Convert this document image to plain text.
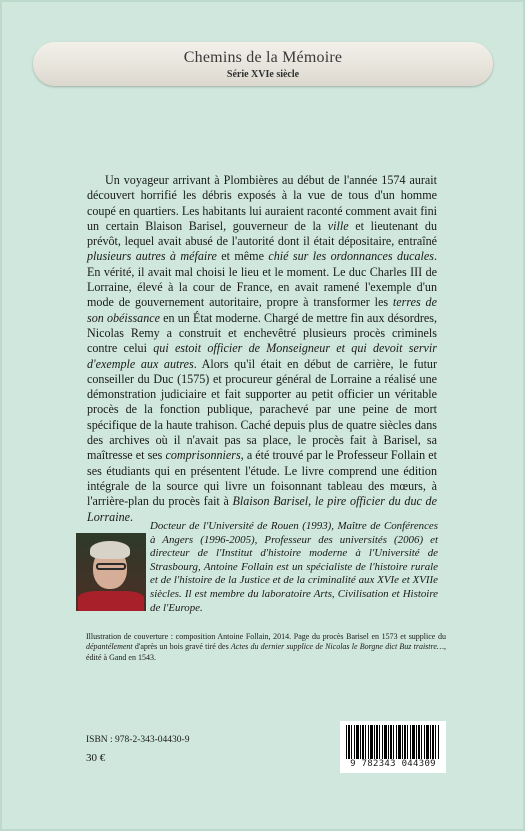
Chemins de la Mémoire
Série XVIe siècle

Un voyageur arrivant à Plombières au début de l'année 1574 aurait découvert horrifié les débris exposés à la vue de tous d'un homme coupé en quartiers. Les habitants lui auraient raconté comment avait fini un certain Blaison Barisel, gouverneur de la ville et lieutenant du prévôt, lequel avait abusé de l'autorité dont il était dépositaire, entraîné plusieurs autres à méfaire et même chié sur les ordonnances ducales. En vérité, il avait mal choisi le lieu et le moment. Le duc Charles III de Lorraine, élevé à la cour de France, en avait ramené l'exemple d'un mode de gouvernement autoritaire, propre à transformer les terres de son obéissance en un État moderne. Chargé de mettre fin aux désordres, Nicolas Remy a construit et enchevêtré plusieurs procès criminels contre celui qui estoit officier de Monseigneur et qui devoit servir d'exemple aux autres. Alors qu'il était en début de carrière, le futur conseiller du Duc (1575) et procureur général de Lorraine a réalisé une démonstration judiciaire et fait supporter au petit officier un véritable procès de la fonction publique, parachevé par une peine de mort spécifique de la haute trahison. Caché depuis plus de quatre siècles dans des archives où il n'avait pas sa place, le procès fait à Barisel, sa maîtresse et ses comprisonniers, a été trouvé par le Professeur Follain et ses étudiants qui en présentent l'étude. Le livre comprend une édition intégrale de la source qui livre un foisonnant tableau des mœurs, à l'arrière-plan du procès fait à Blaison Barisel, le pire officier du duc de Lorraine.

Docteur de l'Université de Rouen (1993), Maître de Conférences à Angers (1996-2005), Professeur des universités (2006) et directeur de l'Institut d'histoire moderne à l'Université de Strasbourg, Antoine Follain est un spécialiste de l'histoire rurale et de l'histoire de la Justice et de la criminalité aux XVIe et XVIIe siècles. Il est membre du laboratoire Arts, Civilisation et Histoire de l'Europe.
Illustration de couverture : composition Antoine Follain, 2014. Page du procès Barisel en 1573 et supplice du dépantélement d'après un bois gravé tiré des Actes du dernier supplice de Nicolas le Borgne dict Buz traistre…, édité à Gand en 1543.
ISBN : 978-2-343-04430-9
30 €	9 782343 044309
